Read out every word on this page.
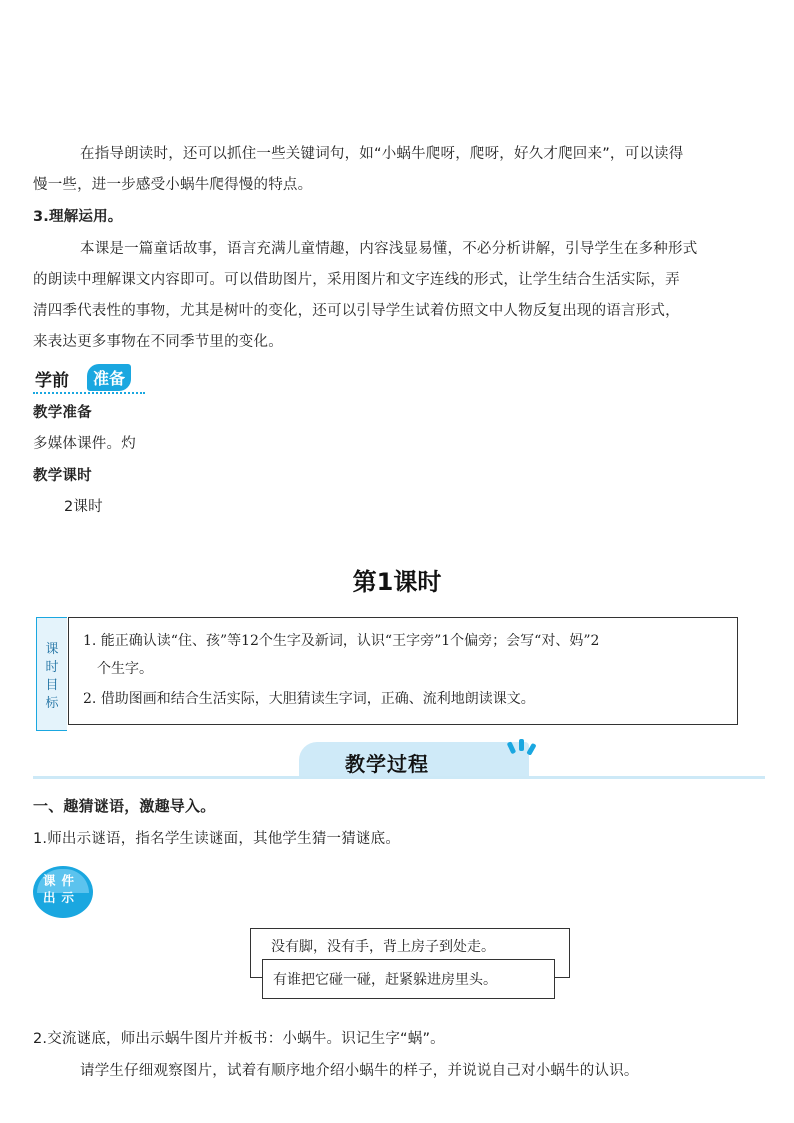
在指导朗读时，还可以抓住一些关键词句，如“小蜗牛爬呀，爬呀，好久才爬回来”，可以读得
慢一些，进一步感受小蜗牛爬得慢的特点。
3.理解运用。
本课是一篇童话故事，语言充满儿童情趣，内容浅显易懂，不必分析讲解，引导学生在多种形式
的朗读中理解课文内容即可。可以借助图片，采用图片和文字连线的形式，让学生结合生活实际，弄
清四季代表性的事物，尤其是树叶的变化，还可以引导学生试着仿照文中人物反复出现的语言形式，
来表达更多事物在不同季节里的变化。
学前	准备
教学准备
多媒体课件。灼
教学课时
2课时
第1课时
课
时
目
标
1. 能正确认读“住、孩”等12个生字及新词，认识“王字旁”1个偏旁；会写“对、妈”2
个生字。
2. 借助图画和结合生活实际，大胆猜读生字词，正确、流利地朗读课文。
教学过程
一、趣猜谜语，激趣导入。
1.师出示谜语，指名学生读谜面，其他学生猜一猜谜底。
课 件
出 示
没有脚，没有手，背上房子到处走。
有谁把它碰一碰，赶紧躲进房里头。
2.交流谜底，师出示蜗牛图片并板书：小蜗牛。识记生字“蜗”。
请学生仔细观察图片，试着有顺序地介绍小蜗牛的样子，并说说自己对小蜗牛的认识。
